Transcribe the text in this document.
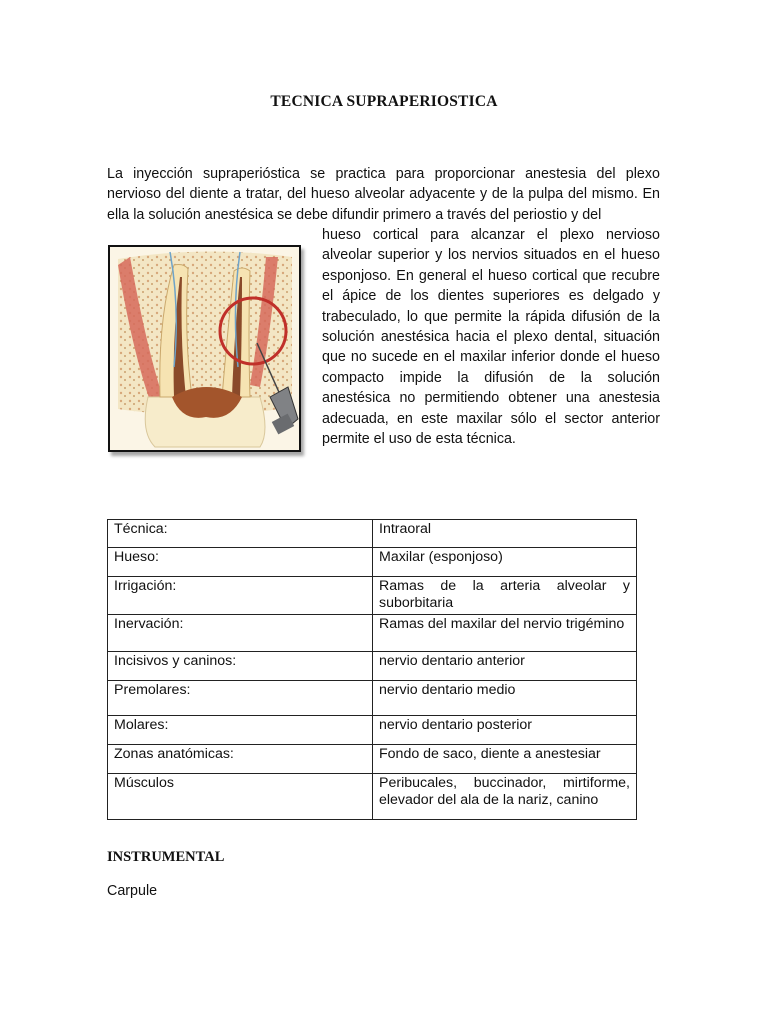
TECNICA SUPRAPERIOSTICA
La inyección supraperióstica se practica para proporcionar anestesia del plexo nervioso del diente a tratar, del hueso alveolar adyacente y de la pulpa del mismo. En ella la solución anestésica se debe difundir primero a través del periostio y del
hueso cortical para alcanzar el plexo nervioso alveolar superior y los nervios situados en el hueso esponjoso. En general el hueso cortical que recubre el ápice de los dientes superiores es delgado y trabeculado, lo que permite la rápida difusión de la solución anestésica hacia el plexo dental, situación que no sucede en el maxilar inferior donde el hueso compacto impide la difusión de la solución anestésica no permitiendo obtener una anestesia adecuada, en este maxilar sólo el sector anterior permite el uso de esta técnica.
Técnica:	Intraoral
Hueso:	Maxilar (esponjoso)
Irrigación:	Ramas de la arteria alveolar y suborbitaria
Inervación:	Ramas del maxilar del nervio trigémino
Incisivos y caninos:	nervio dentario anterior
Premolares:	nervio dentario medio
Molares:	nervio dentario posterior
Zonas anatómicas:	Fondo de saco, diente a anestesiar
Músculos	Peribucales, buccinador, mirtiforme, elevador del ala de la nariz, canino
INSTRUMENTAL
Carpule
